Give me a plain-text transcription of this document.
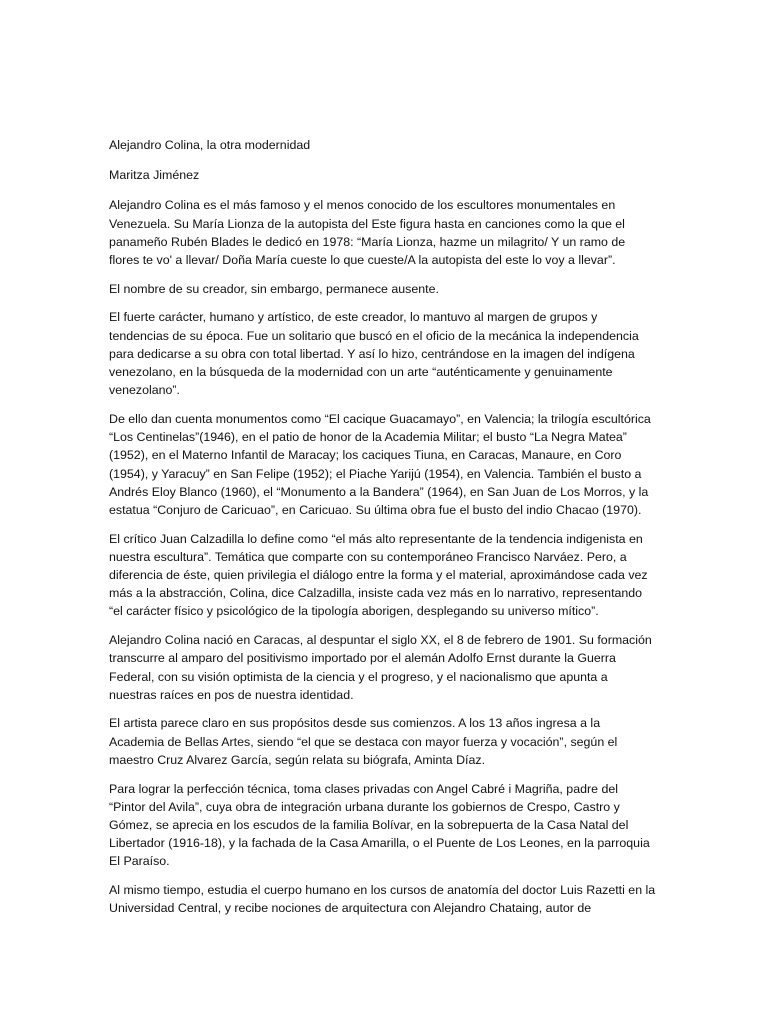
Alejandro Colina, la otra modernidad

Maritza Jiménez

Alejandro Colina es el más famoso y el menos conocido de los escultores monumentales en Venezuela. Su María Lionza de la autopista del Este figura hasta en canciones como la que el panameño Rubén Blades le dedicó en 1978: “María Lionza, hazme un milagrito/ Y un ramo de flores te vo' a llevar/ Doña María cueste lo que cueste/A la autopista del este lo voy a llevar”.

El nombre de su creador, sin embargo, permanece ausente.

El fuerte carácter, humano y artístico, de este creador, lo mantuvo al margen de grupos y tendencias de su época. Fue un solitario que buscó en el oficio de la mecánica la independencia para dedicarse a su obra con total libertad. Y así lo hizo, centrándose en la imagen del indígena venezolano, en la búsqueda de la modernidad con un arte “auténticamente y genuinamente venezolano”.

De ello dan cuenta monumentos como “El cacique Guacamayo”, en Valencia; la trilogía escultórica “Los Centinelas”(1946), en el patio de honor de la Academia Militar; el busto “La Negra Matea” (1952), en el Materno Infantil de Maracay; los caciques Tiuna, en Caracas, Manaure, en Coro (1954), y Yaracuy” en San Felipe (1952); el Piache Yarijú (1954), en Valencia. También el busto a Andrés Eloy Blanco (1960), el “Monumento a la Bandera” (1964), en San Juan de Los Morros, y la estatua “Conjuro de Caricuao”, en Caricuao. Su última obra fue el busto del indio Chacao (1970).

El crítico Juan Calzadilla lo define como “el más alto representante de la tendencia indigenista en nuestra escultura”. Temática que comparte con su contemporáneo Francisco Narváez. Pero, a diferencia de éste, quien privilegia el diálogo entre la forma y el material, aproximándose cada vez más a la abstracción, Colina, dice Calzadilla, insiste cada vez más en lo narrativo, representando “el carácter físico y psicológico de la tipología aborigen, desplegando su universo mítico”.

Alejandro Colina nació en Caracas, al despuntar el siglo XX, el 8 de febrero de 1901. Su formación transcurre al amparo del positivismo importado por el alemán Adolfo Ernst durante la Guerra Federal, con su visión optimista de la ciencia y el progreso, y el nacionalismo que apunta a nuestras raíces en pos de nuestra identidad.

El artista parece claro en sus propósitos desde sus comienzos. A los 13 años ingresa a la Academia de Bellas Artes, siendo “el que se destaca con mayor fuerza y vocación”, según el maestro Cruz Alvarez García, según relata su biógrafa, Aminta Díaz.

Para lograr la perfección técnica, toma clases privadas con Angel Cabré i Magriña, padre del “Pintor del Avila”, cuya obra de integración urbana durante los gobiernos de Crespo, Castro y Gómez, se aprecia en los escudos de la familia Bolívar, en la sobrepuerta de la Casa Natal del Libertador (1916-18), y la fachada de la Casa Amarilla, o el Puente de Los Leones, en la parroquia El Paraíso.

Al mismo tiempo, estudia el cuerpo humano en los cursos de anatomía del doctor Luis Razetti en la Universidad Central, y recibe nociones de arquitectura con Alejandro Chataing, autor de
